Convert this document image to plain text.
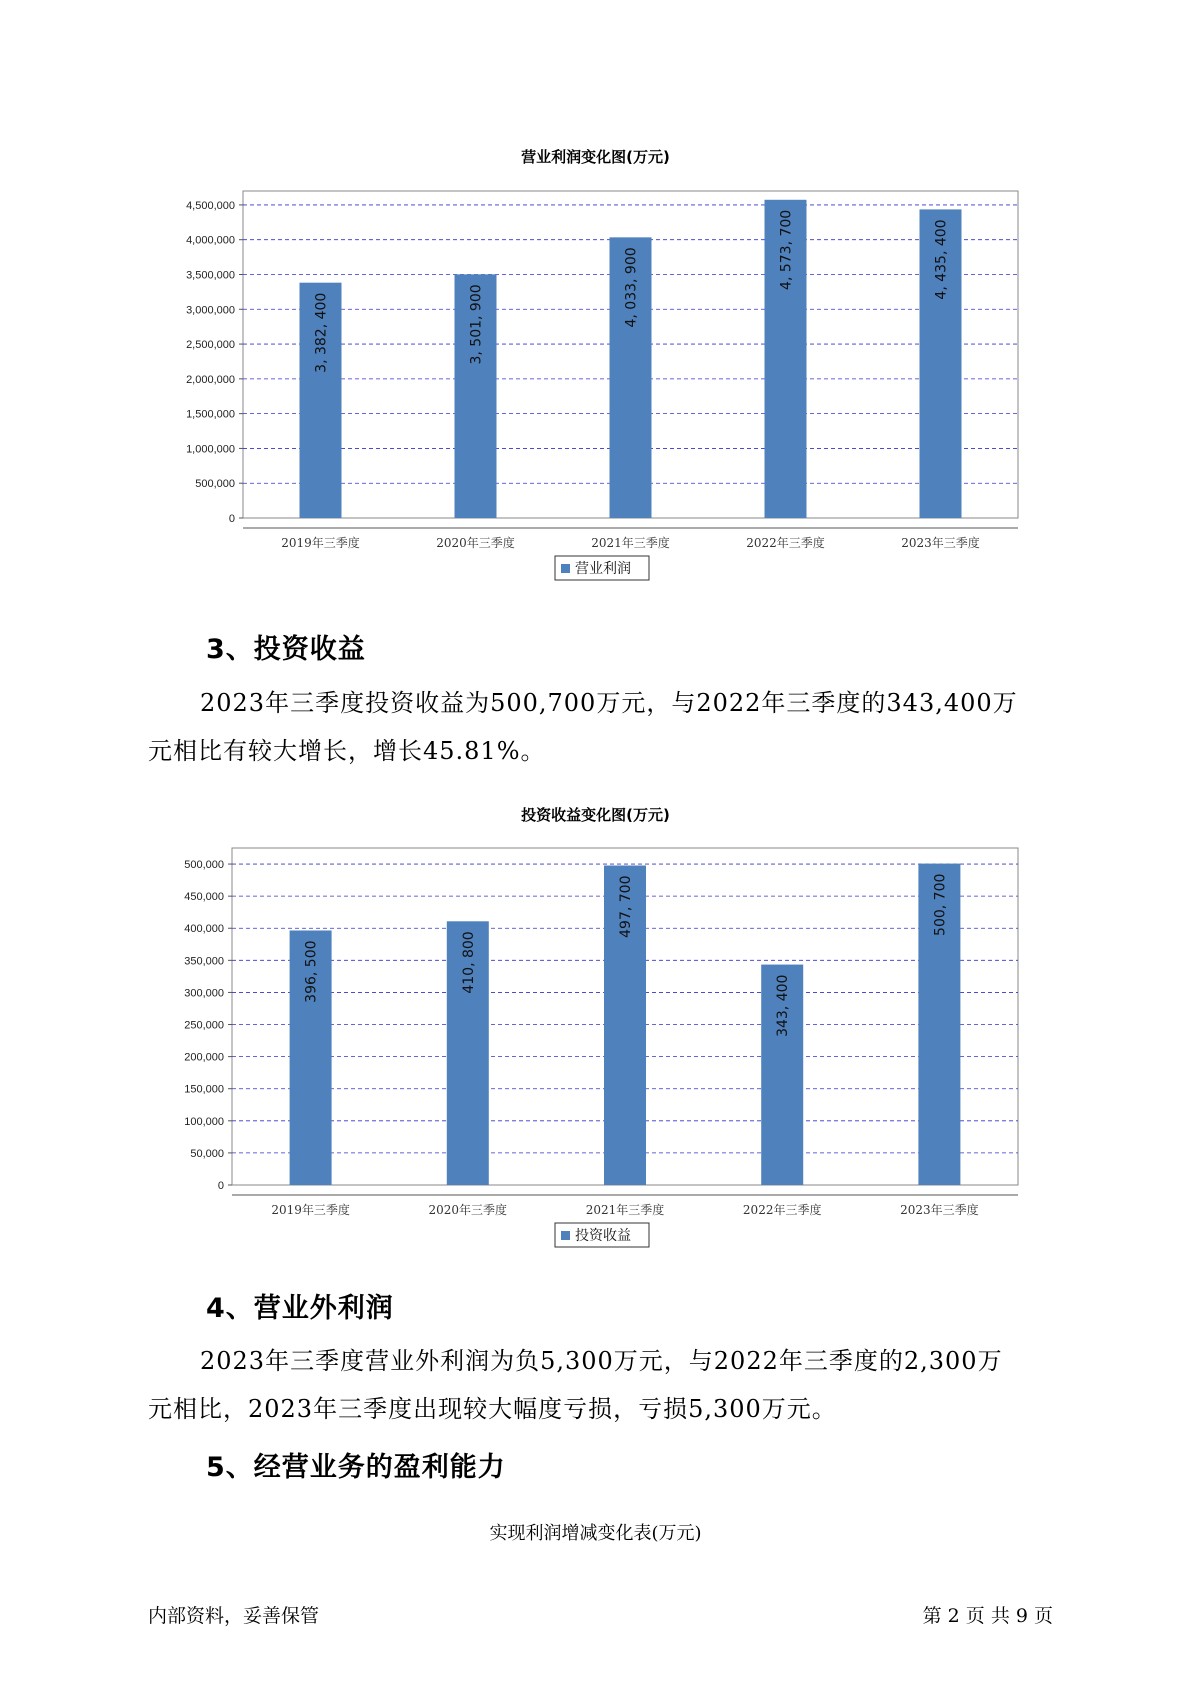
营业利润变化图(万元)
0
500,000
1,000,000
1,500,000
2,000,000
2,500,000
3,000,000
3,500,000
4,000,000
4,500,000
3, 382, 400
2019年三季度
3, 501, 900
2020年三季度
4, 033, 900
2021年三季度
4, 573, 700
2022年三季度
4, 435, 400
2023年三季度
营业利润
3、投资收益
2023年三季度投资收益为500,700万元，与2022年三季度的343,400万
元相比有较大增长，增长45.81%。
投资收益变化图(万元)
0
50,000
100,000
150,000
200,000
250,000
300,000
350,000
400,000
450,000
500,000
396, 500
2019年三季度
410, 800
2020年三季度
497, 700
2021年三季度
343, 400
2022年三季度
500, 700
2023年三季度
投资收益
4、营业外利润
2023年三季度营业外利润为负5,300万元，与2022年三季度的2,300万
元相比，2023年三季度出现较大幅度亏损，亏损5,300万元。
5、经营业务的盈利能力
实现利润增减变化表(万元)
内部资料，妥善保管	第 2 页 共 9 页
